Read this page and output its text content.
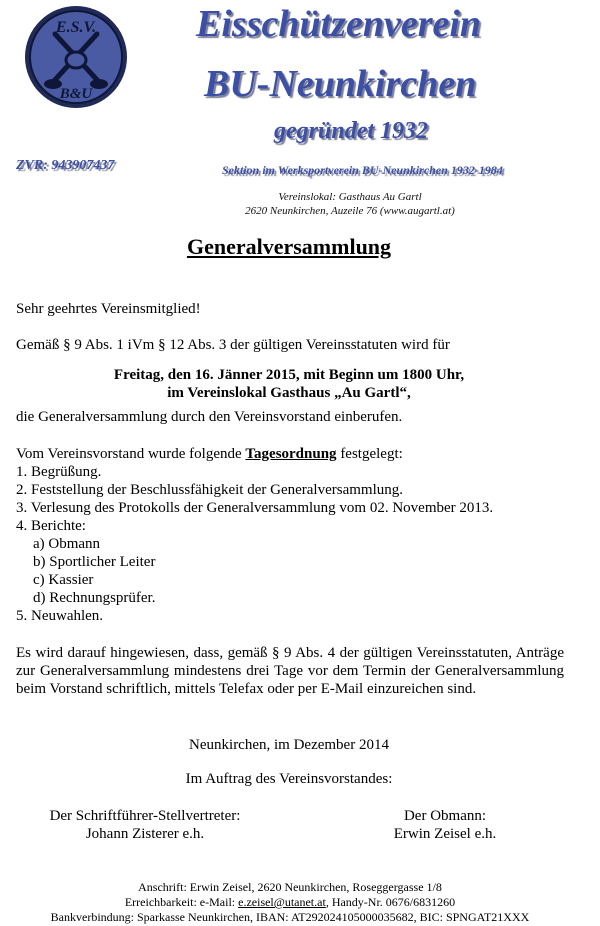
E.S.V.
B&U
Eisschützenverein
BU-Neunkirchen
gegründet 1932
ZVR: 943907437	Sektion im Werksportverein BU-Neunkirchen 1932-1984
Vereinslokal: Gasthaus Au Gartl
2620 Neunkirchen, Auzeile 76 (www.augartl.at)
Generalversammlung
Sehr geehrtes Vereinsmitglied!
Gemäß § 9 Abs. 1 iVm § 12 Abs. 3 der gültigen Vereinsstatuten wird für
Freitag, den 16. Jänner 2015, mit Beginn um 1800 Uhr,
im Vereinslokal Gasthaus „Au Gartl“,
die Generalversammlung durch den Vereinsvorstand einberufen.
Vom Vereinsvorstand wurde folgende Tagesordnung festgelegt:
1. Begrüßung.
2. Feststellung der Beschlussfähigkeit der Generalversammlung.
3. Verlesung des Protokolls der Generalversammlung vom 02. November 2013.
4. Berichte:
a) Obmann
b) Sportlicher Leiter
c) Kassier
d) Rechnungsprüfer.
5. Neuwahlen.
Es wird darauf hingewiesen, dass, gemäß § 9 Abs. 4 der gültigen Vereinsstatuten, Anträge zur Generalversammlung mindestens drei Tage vor dem Termin der Generalversammlung beim Vorstand schriftlich, mittels Telefax oder per E-Mail einzureichen sind.
Neunkirchen, im Dezember 2014
Im Auftrag des Vereinsvorstandes:
Der Schriftführer-Stellvertreter:
Johann Zisterer e.h.
Der Obmann:
Erwin Zeisel e.h.
Anschrift: Erwin Zeisel, 2620 Neunkirchen, Roseggergasse 1/8
Erreichbarkeit: e-Mail: e.zeisel@utanet.at, Handy-Nr. 0676/6831260
Bankverbindung: Sparkasse Neunkirchen, IBAN: AT292024105000035682, BIC: SPNGAT21XXX
